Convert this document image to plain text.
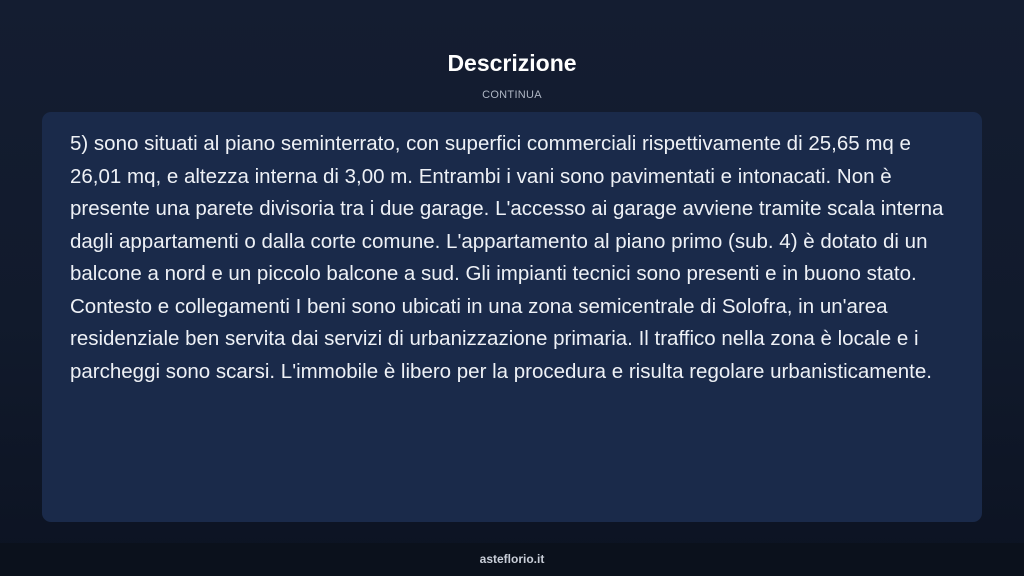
Descrizione
CONTINUA

5) sono situati al piano seminterrato, con superfici commerciali rispettivamente di 25,65 mq e 26,01 mq, e altezza interna di 3,00 m. Entrambi i vani sono pavimentati e intonacati. Non è presente una parete divisoria tra i due garage. L'accesso ai garage avviene tramite scala interna dagli appartamenti o dalla corte comune. L'appartamento al piano primo (sub. 4) è dotato di un balcone a nord e un piccolo balcone a sud. Gli impianti tecnici sono presenti e in buono stato. Contesto e collegamenti I beni sono ubicati in una zona semicentrale di Solofra, in un'area residenziale ben servita dai servizi di urbanizzazione primaria. Il traffico nella zona è locale e i parcheggi sono scarsi. L'immobile è libero per la procedura e risulta regolare urbanisticamente.

asteflorio.it
